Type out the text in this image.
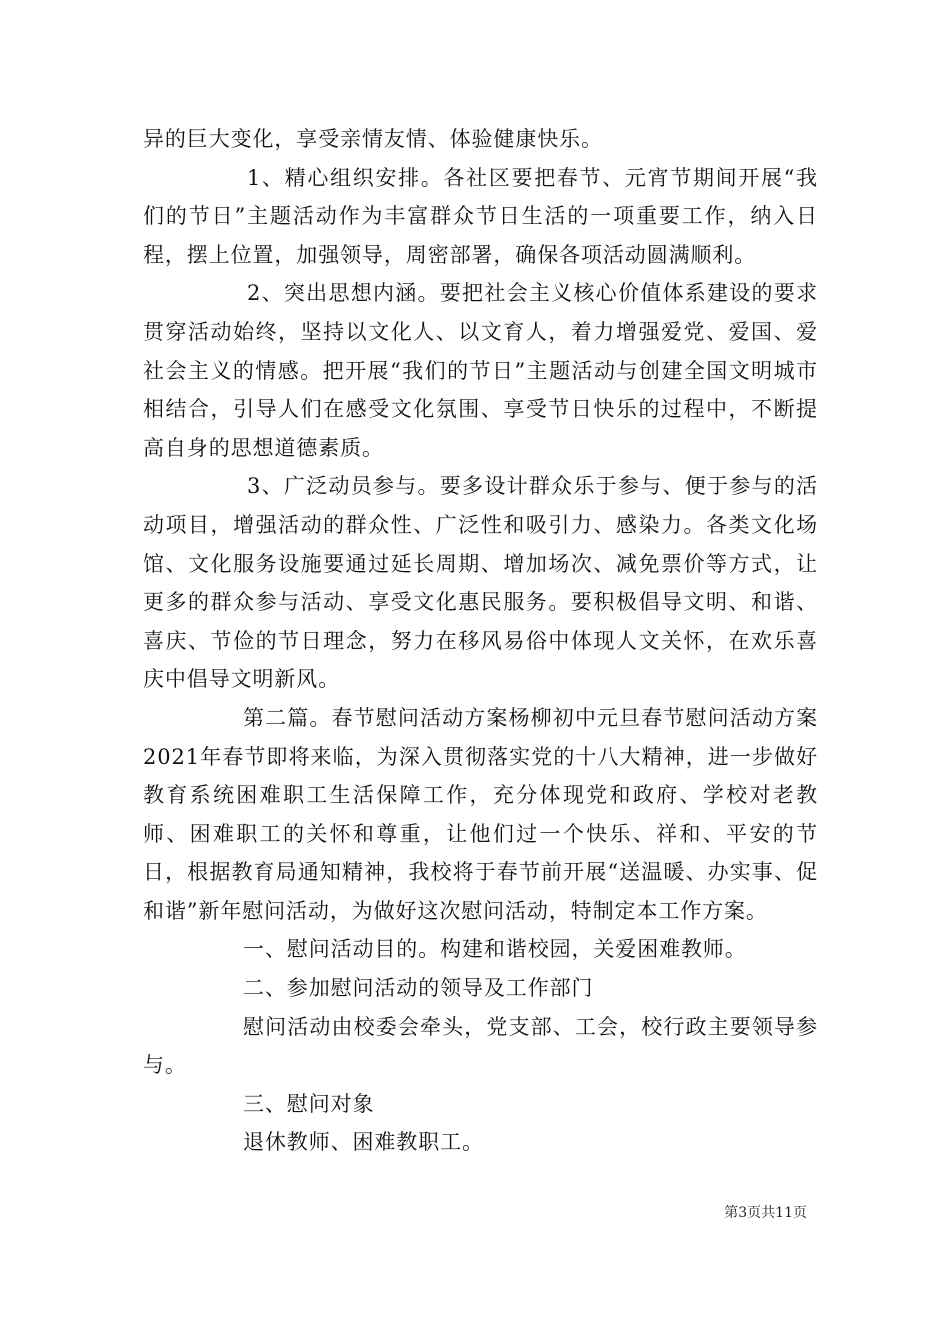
异的巨大变化，享受亲情友情、体验健康快乐。

1、精心组织安排。各社区要把春节、元宵节期间开展“我们的节日”主题活动作为丰富群众节日生活的一项重要工作，纳入日程，摆上位置，加强领导，周密部署，确保各项活动圆满顺利。

2、突出思想内涵。要把社会主义核心价值体系建设的要求贯穿活动始终，坚持以文化人、以文育人，着力增强爱党、爱国、爱社会主义的情感。把开展“我们的节日”主题活动与创建全国文明城市相结合，引导人们在感受文化氛围、享受节日快乐的过程中，不断提高自身的思想道德素质。

3、广泛动员参与。要多设计群众乐于参与、便于参与的活动项目，增强活动的群众性、广泛性和吸引力、感染力。各类文化场馆、文化服务设施要通过延长周期、增加场次、减免票价等方式，让更多的群众参与活动、享受文化惠民服务。要积极倡导文明、和谐、喜庆、节俭的节日理念，努力在移风易俗中体现人文关怀，在欢乐喜庆中倡导文明新风。

第二篇。春节慰问活动方案杨柳初中元旦春节慰问活动方案2021年春节即将来临，为深入贯彻落实党的十八大精神，进一步做好教育系统困难职工生活保障工作，充分体现党和政府、学校对老教师、困难职工的关怀和尊重，让他们过一个快乐、祥和、平安的节日，根据教育局通知精神，我校将于春节前开展“送温暖、办实事、促和谐”新年慰问活动，为做好这次慰问活动，特制定本工作方案。

一、慰问活动目的。构建和谐校园，关爱困难教师。

二、参加慰问活动的领导及工作部门

慰问活动由校委会牵头，党支部、工会，校行政主要领导参与。

三、慰问对象

退休教师、困难教职工。

第3页共11页
